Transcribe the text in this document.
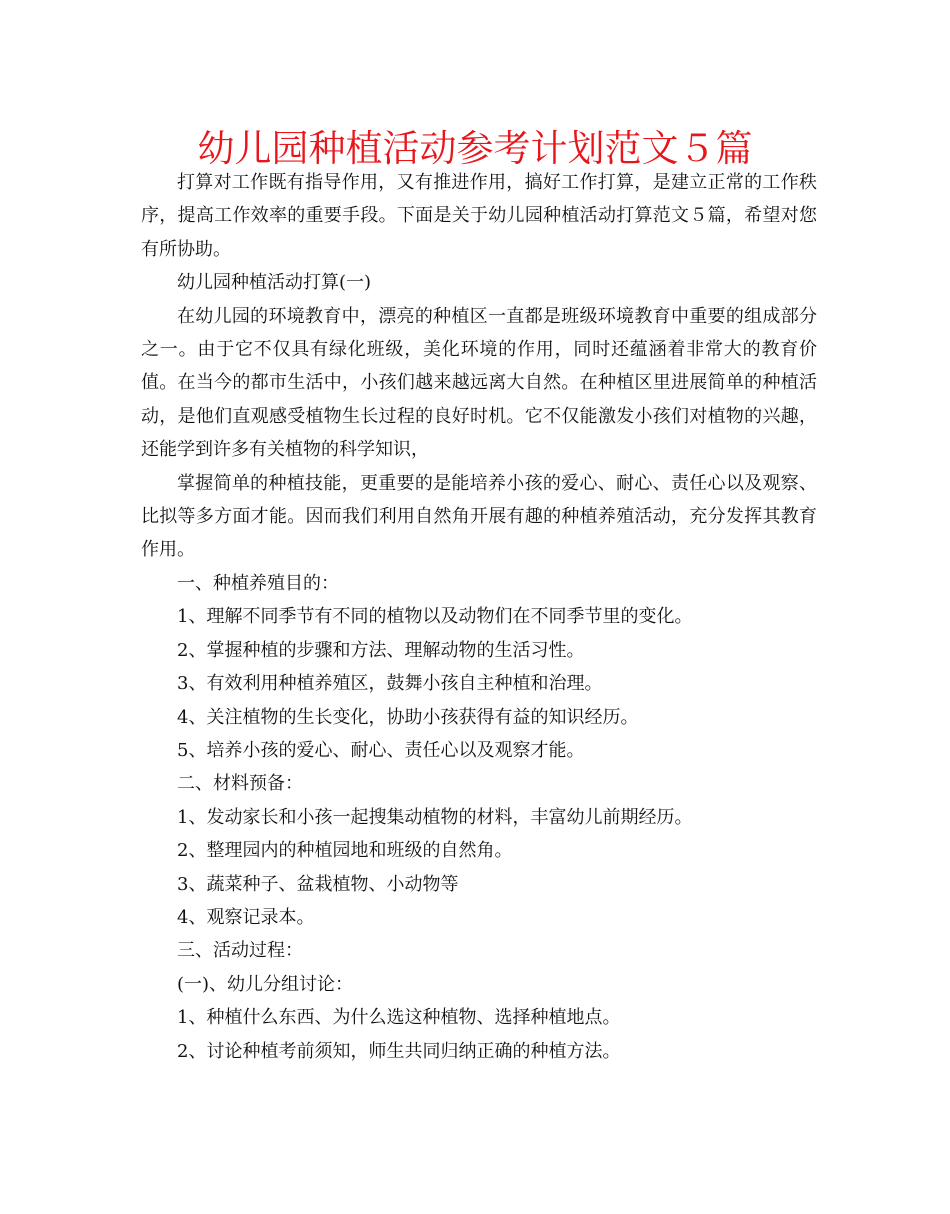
幼儿园种植活动参考计划范文５篇

打算对工作既有指导作用，又有推进作用，搞好工作打算，是建立正常的工作秩序，提高工作效率的重要手段。下面是关于幼儿园种植活动打算范文５篇，希望对您有所协助。

幼儿园种植活动打算(一)

在幼儿园的环境教育中，漂亮的种植区一直都是班级环境教育中重要的组成部分之一。由于它不仅具有绿化班级，美化环境的作用，同时还蕴涵着非常大的教育价值。在当今的都市生活中，小孩们越来越远离大自然。在种植区里进展简单的种植活动，是他们直观感受植物生长过程的良好时机。它不仅能激发小孩们对植物的兴趣，还能学到许多有关植物的科学知识，

掌握简单的种植技能，更重要的是能培养小孩的爱心、耐心、责任心以及观察、比拟等多方面才能。因而我们利用自然角开展有趣的种植养殖活动，充分发挥其教育作用。

一、种植养殖目的：

1、理解不同季节有不同的植物以及动物们在不同季节里的变化。

2、掌握种植的步骤和方法、理解动物的生活习性。

3、有效利用种植养殖区，鼓舞小孩自主种植和治理。

4、关注植物的生长变化，协助小孩获得有益的知识经历。

5、培养小孩的爱心、耐心、责任心以及观察才能。

二、材料预备：

1、发动家长和小孩一起搜集动植物的材料，丰富幼儿前期经历。

2、整理园内的种植园地和班级的自然角。

3、蔬菜种子、盆栽植物、小动物等

4、观察记录本。

三、活动过程：

(一)、幼儿分组讨论：

1、种植什么东西、为什么选这种植物、选择种植地点。

2、讨论种植考前须知，师生共同归纳正确的种植方法。
